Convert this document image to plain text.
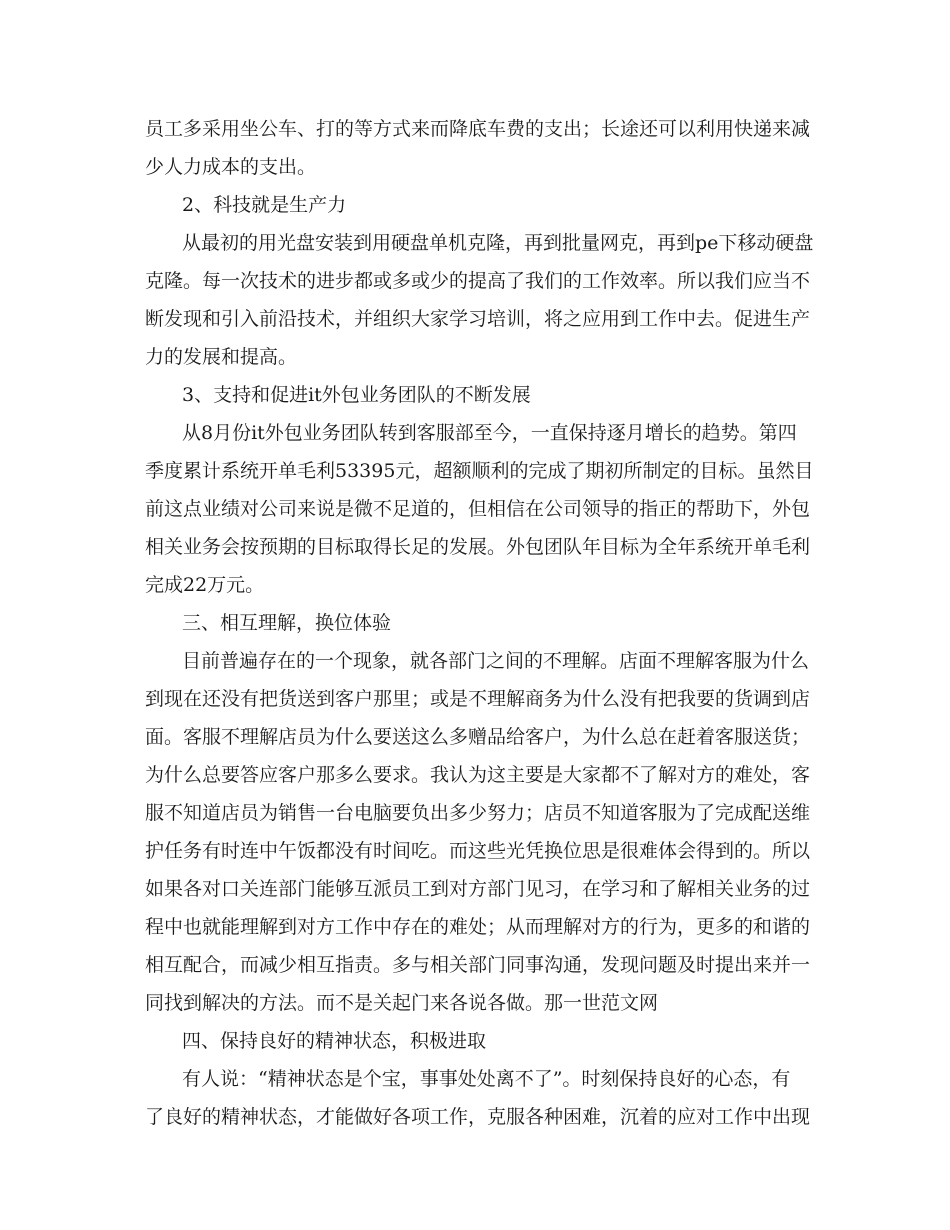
员工多采用坐公车、打的等方式来而降底车费的支出；长途还可以利用快递来减
少人力成本的支出。
2、科技就是生产力
从最初的用光盘安装到用硬盘单机克隆，再到批量网克，再到pe下移动硬盘
克隆。每一次技术的进步都或多或少的提高了我们的工作效率。所以我们应当不
断发现和引入前沿技术，并组织大家学习培训，将之应用到工作中去。促进生产
力的发展和提高。
3、支持和促进it外包业务团队的不断发展
从8月份it外包业务团队转到客服部至今，一直保持逐月增长的趋势。第四
季度累计系统开单毛利53395元，超额顺利的完成了期初所制定的目标。虽然目
前这点业绩对公司来说是微不足道的，但相信在公司领导的指正的帮助下，外包
相关业务会按预期的目标取得长足的发展。外包团队年目标为全年系统开单毛利
完成22万元。
三、相互理解，换位体验
目前普遍存在的一个现象，就各部门之间的不理解。店面不理解客服为什么
到现在还没有把货送到客户那里；或是不理解商务为什么没有把我要的货调到店
面。客服不理解店员为什么要送这么多赠品给客户，为什么总在赶着客服送货；
为什么总要答应客户那多么要求。我认为这主要是大家都不了解对方的难处，客
服不知道店员为销售一台电脑要负出多少努力；店员不知道客服为了完成配送维
护任务有时连中午饭都没有时间吃。而这些光凭换位思是很难体会得到的。所以
如果各对口关连部门能够互派员工到对方部门见习，在学习和了解相关业务的过
程中也就能理解到对方工作中存在的难处；从而理解对方的行为，更多的和谐的
相互配合，而减少相互指责。多与相关部门同事沟通，发现问题及时提出来并一
同找到解决的方法。而不是关起门来各说各做。那一世范文网
四、保持良好的精神状态，积极进取
有人说：“精神状态是个宝，事事处处离不了”。时刻保持良好的心态，有
了良好的精神状态，才能做好各项工作，克服各种困难，沉着的应对工作中出现
